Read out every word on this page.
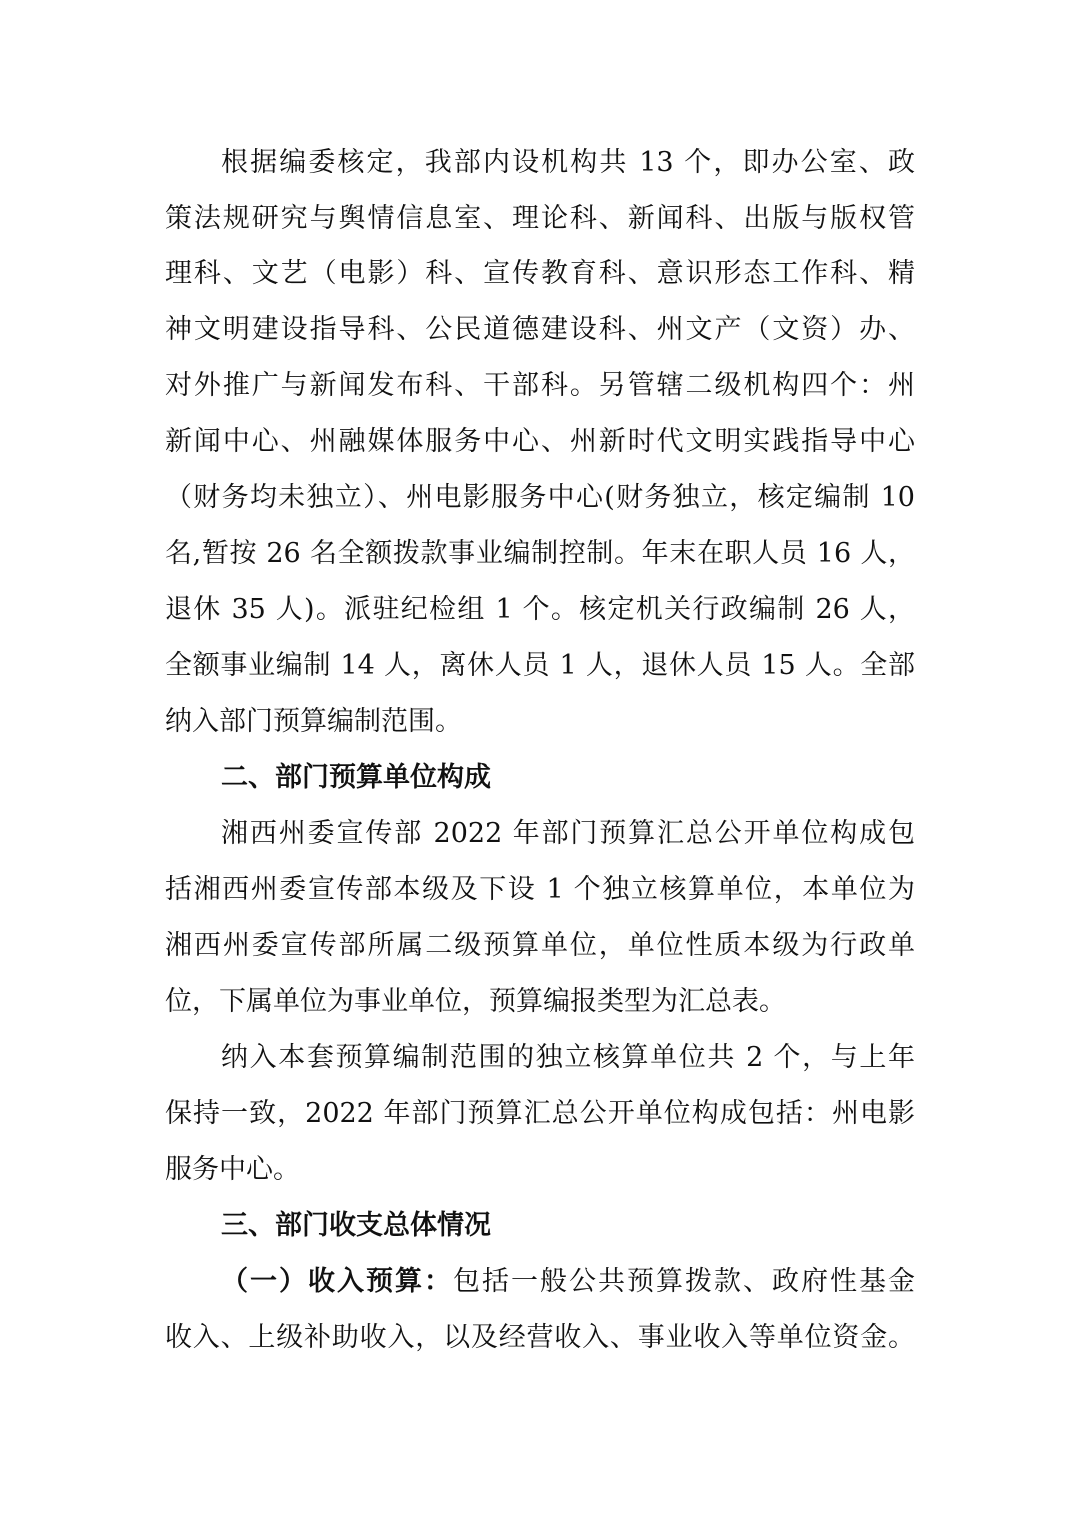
根据编委核定，我部内设机构共 13 个，即办公室、政
策法规研究与舆情信息室、理论科、新闻科、出版与版权管
理科、文艺（电影）科、宣传教育科、意识形态工作科、精
神文明建设指导科、公民道德建设科、州文产（文资）办、
对外推广与新闻发布科、干部科。另管辖二级机构四个：州
新闻中心、州融媒体服务中心、州新时代文明实践指导中心
（财务均未独立）、州电影服务中心(财务独立，核定编制 10
名,暂按 26 名全额拨款事业编制控制。年末在职人员 16 人，
退休 35 人)。派驻纪检组 1 个。核定机关行政编制 26 人，
全额事业编制 14 人，离休人员 1 人，退休人员 15 人。全部
纳入部门预算编制范围。
二、部门预算单位构成
湘西州委宣传部 2022 年部门预算汇总公开单位构成包
括湘西州委宣传部本级及下设 1 个独立核算单位，本单位为
湘西州委宣传部所属二级预算单位，单位性质本级为行政单
位，下属单位为事业单位，预算编报类型为汇总表。
纳入本套预算编制范围的独立核算单位共 2 个，与上年
保持一致，2022 年部门预算汇总公开单位构成包括：州电影
服务中心。
三、部门收支总体情况
（一）收入预算：包括一般公共预算拨款、政府性基金
收入、上级补助收入，以及经营收入、事业收入等单位资金。
